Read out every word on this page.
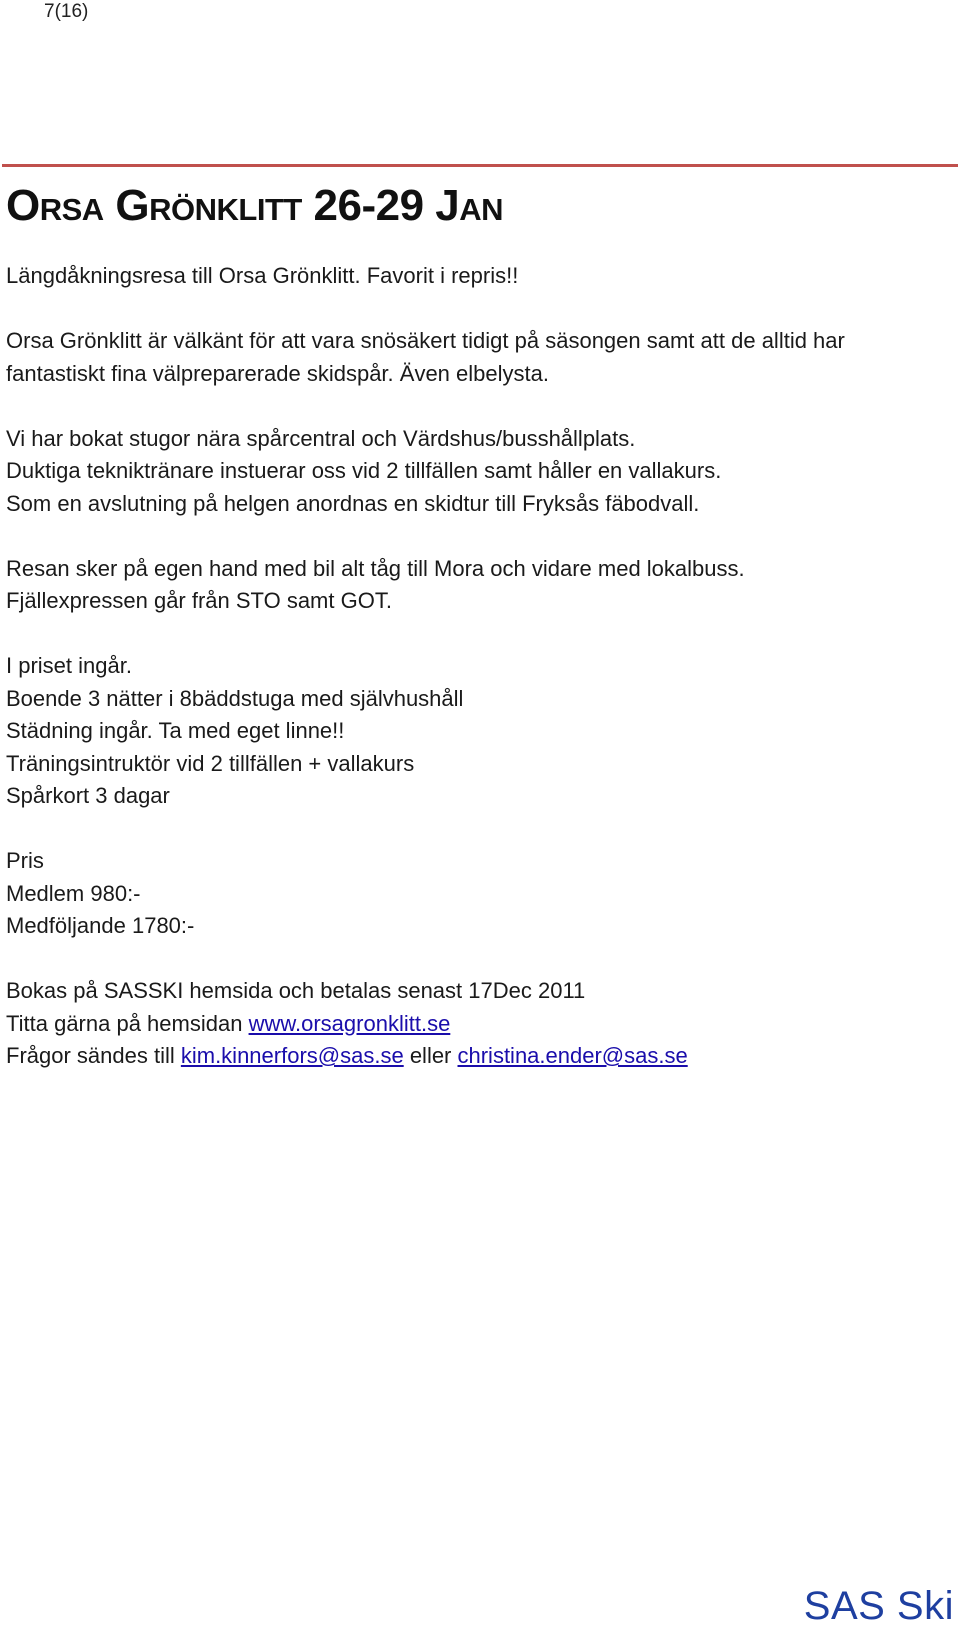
7(16)
Orsa Grönklitt 26-29 Jan

Längdåkningsresa till Orsa Grönklitt. Favorit i repris!!

Orsa Grönklitt är välkänt för att vara snösäkert tidigt på säsongen samt att de alltid har

fantastiskt fina välpreparerade skidspår. Även elbelysta.

Vi har bokat stugor nära spårcentral och Värdshus/busshållplats.

Duktiga tekniktränare instuerar oss vid 2 tillfällen samt håller en vallakurs.

Som en avslutning på helgen anordnas en skidtur till Fryksås fäbodvall.

Resan sker på egen hand med bil alt tåg till Mora och vidare med lokalbuss.

Fjällexpressen går från STO samt GOT.

I priset ingår.

Boende 3 nätter i 8bäddstuga med självhushåll

Städning ingår. Ta med eget linne!!

Träningsintruktör vid 2 tillfällen + vallakurs

Spårkort 3 dagar

Pris

Medlem 980:-

Medföljande 1780:-

Bokas på SASSKI hemsida och betalas senast 17Dec 2011

Titta gärna på hemsidan www.orsagronklitt.se

Frågor sändes till kim.kinnerfors@sas.se eller christina.ender@sas.se

SAS Ski
